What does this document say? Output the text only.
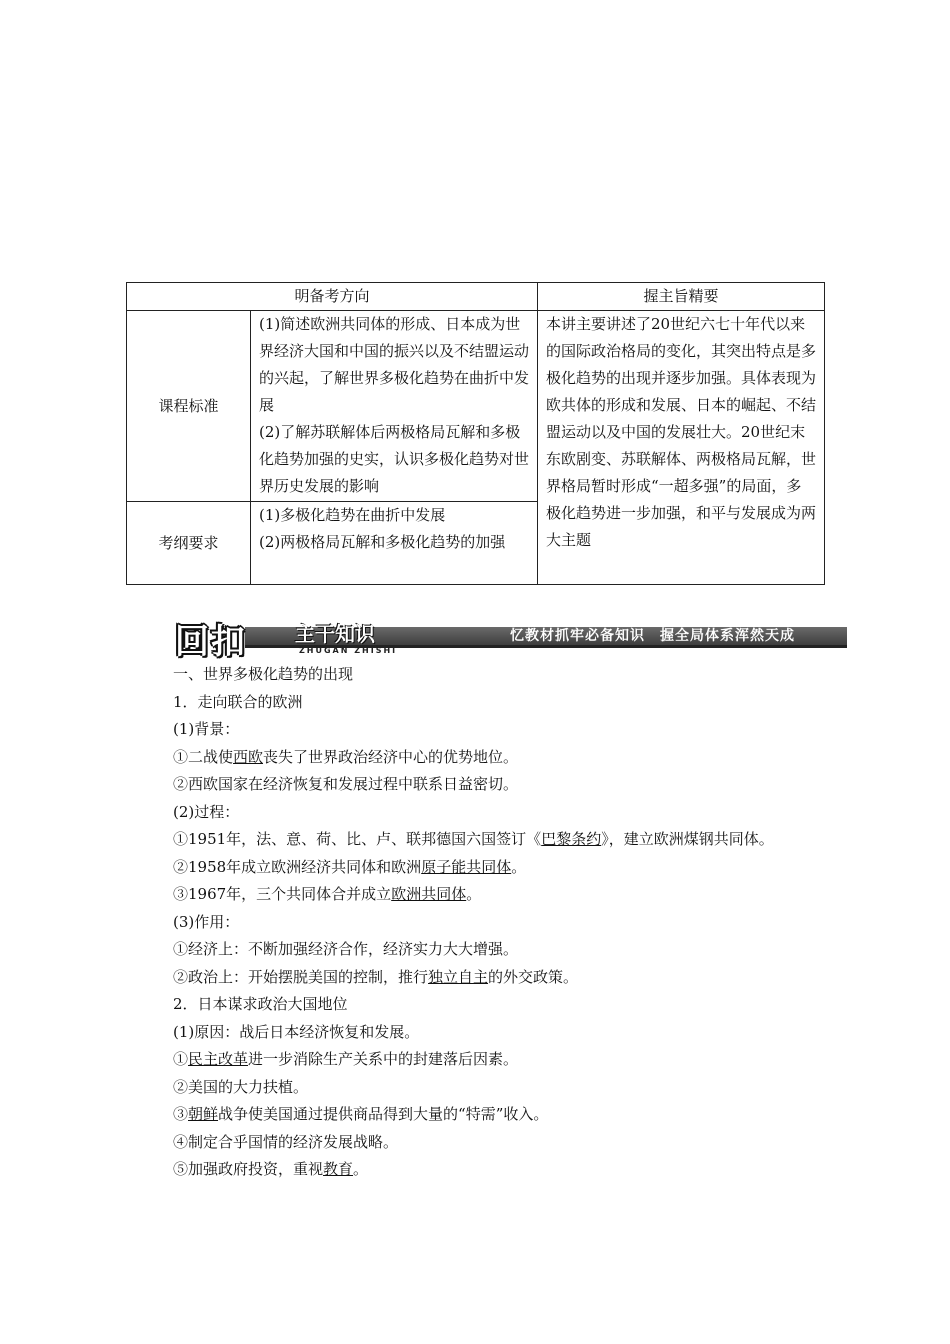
明备考方向		握主旨精要
课程标准	(1)简述欧洲共同体的形成、日本成为世界经济大国和中国的振兴以及不结盟运动的兴起，了解世界多极化趋势在曲折中发展
(2)了解苏联解体后两极格局瓦解和多极化趋势加强的史实，认识多极化趋势对世界历史发展的影响	本讲主要讲述了20世纪六七十年代以来的国际政治格局的变化，其突出特点是多极化趋势的出现并逐步加强。具体表现为欧共体的形成和发展、日本的崛起、不结盟运动以及中国的发展壮大。20世纪末东欧剧变、苏联解体、两极格局瓦解，世界格局暂时形成“一超多强”的局面，多极化趋势进一步加强，和平与发展成为两大主题
考纲要求	(1)多极化趋势在曲折中发展
(2)两极格局瓦解和多极化趋势的加强	
回扣 主干知识
ZHUGAN ZHISHI
忆教材抓牢必备知识　握全局体系浑然天成

一、世界多极化趋势的出现

1．走向联合的欧洲

(1)背景：

①二战使西欧丧失了世界政治经济中心的优势地位。

②西欧国家在经济恢复和发展过程中联系日益密切。

(2)过程：

①1951年，法、意、荷、比、卢、联邦德国六国签订《巴黎条约》，建立欧洲煤钢共同体。

②1958年成立欧洲经济共同体和欧洲原子能共同体。

③1967年，三个共同体合并成立欧洲共同体。

(3)作用：

①经济上：不断加强经济合作，经济实力大大增强。

②政治上：开始摆脱美国的控制，推行独立自主的外交政策。

2．日本谋求政治大国地位

(1)原因：战后日本经济恢复和发展。

①民主改革进一步消除生产关系中的封建落后因素。

②美国的大力扶植。

③朝鲜战争使美国通过提供商品得到大量的“特需”收入。

④制定合乎国情的经济发展战略。

⑤加强政府投资，重视教育。
